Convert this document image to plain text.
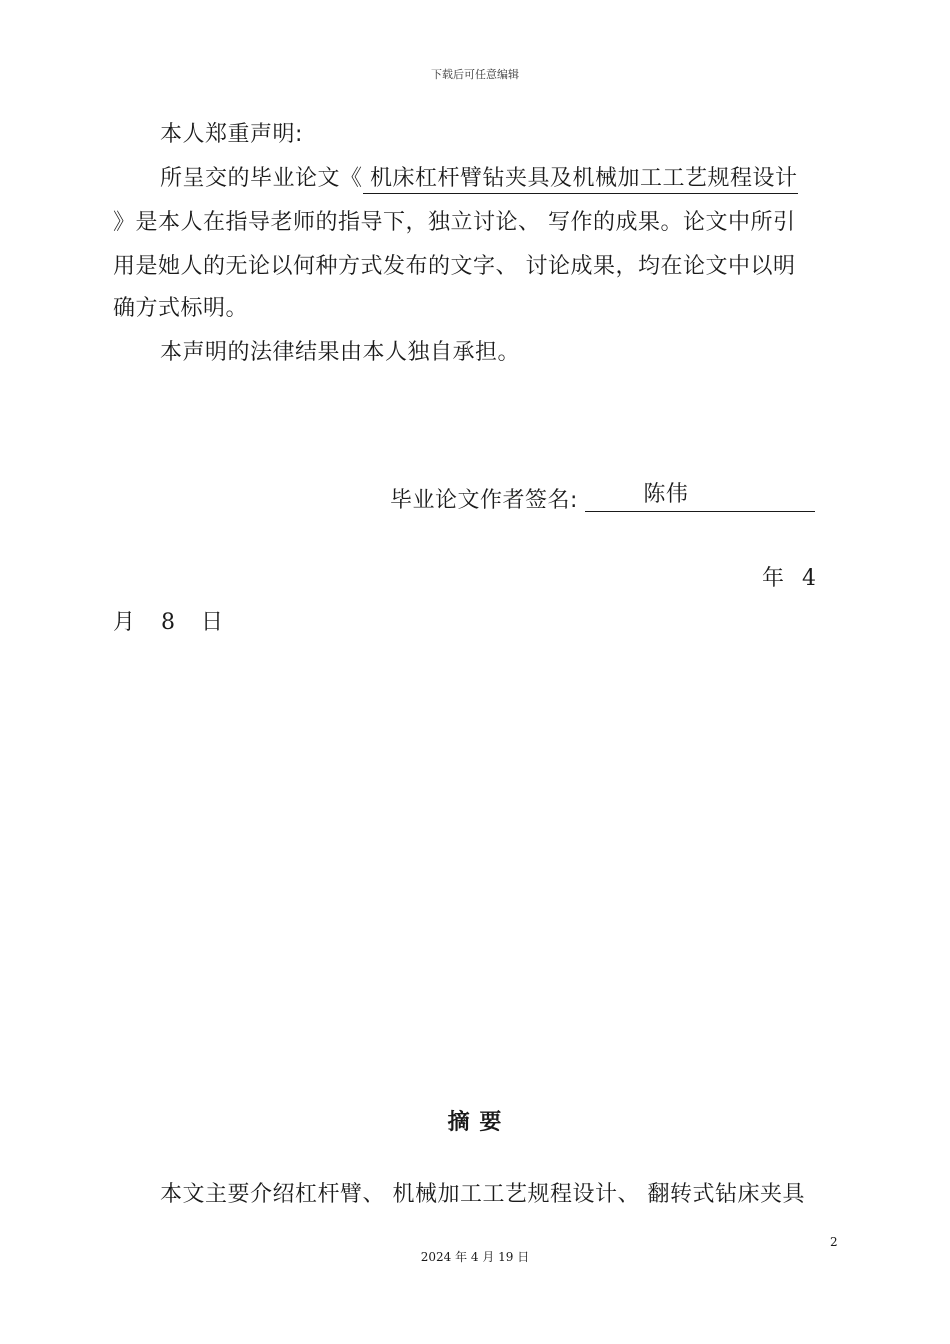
下载后可任意编辑
本人郑重声明:
所呈交的毕业论文《 机床杠杆臂钻夹具及机械加工工艺规程设计
》是本人在指导老师的指导下，独立讨论、 写作的成果。论文中所引
用是她人的无论以何种方式发布的文字、 讨论成果，均在论文中以明
确方式标明。
本声明的法律结果由本人独自承担。
毕业论文作者签名:	陈伟
年 4
月 8 日
摘 要
本文主要介绍杠杆臂、 机械加工工艺规程设计、 翻转式钻床夹具
2
2024 年 4 月 19 日
